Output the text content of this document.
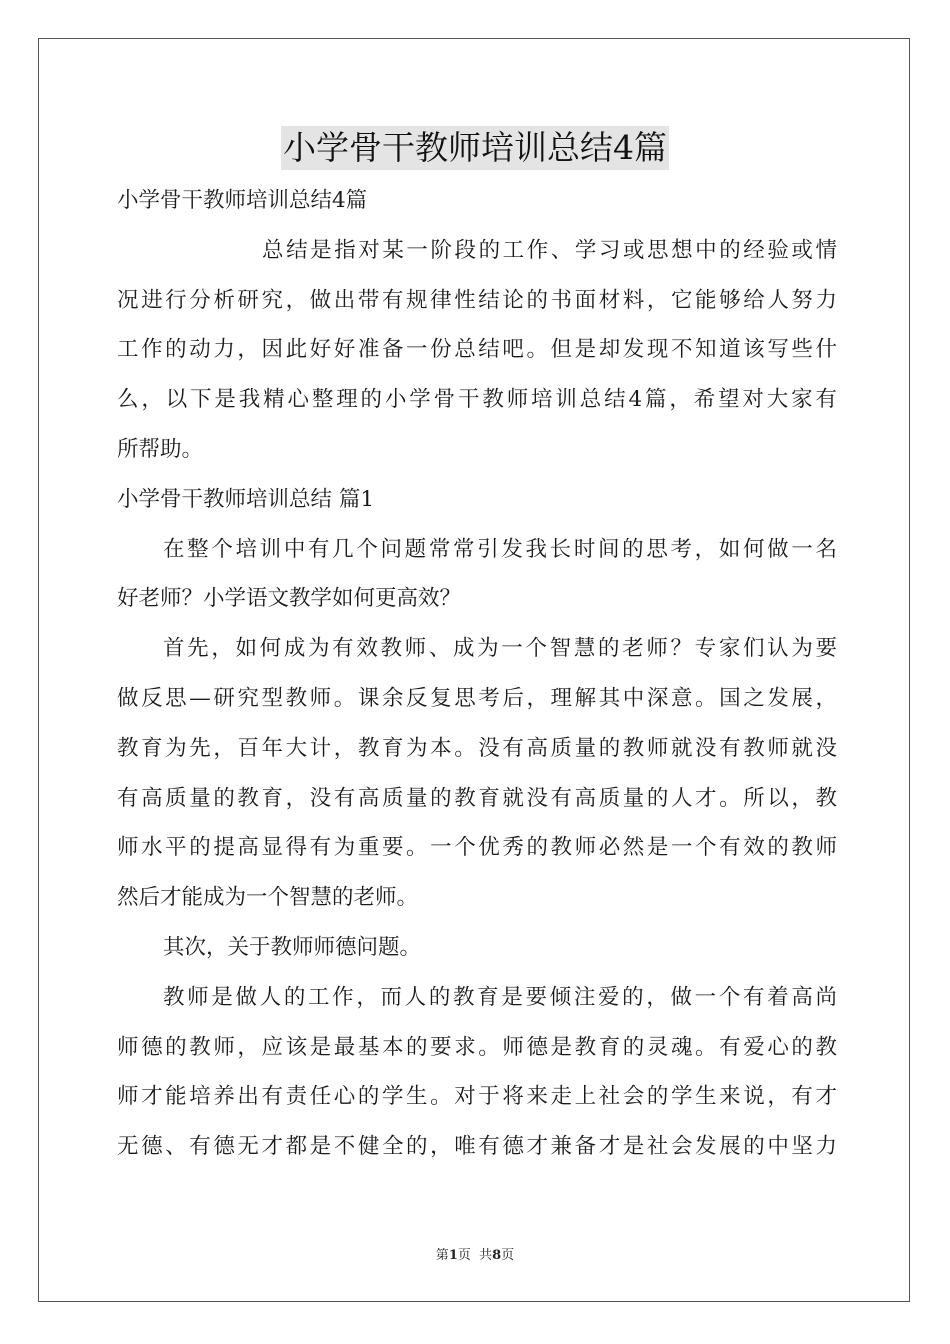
小学骨干教师培训总结4篇
小学骨干教师培训总结4篇
总结是指对某一阶段的工作、学习或思想中的经验或情
况进行分析研究，做出带有规律性结论的书面材料，它能够给人努力
工作的动力，因此好好准备一份总结吧。但是却发现不知道该写些什
么，以下是我精心整理的小学骨干教师培训总结4篇，希望对大家有
所帮助。
小学骨干教师培训总结 篇1
在整个培训中有几个问题常常引发我长时间的思考，如何做一名
好老师？小学语文教学如何更高效？
首先，如何成为有效教师、成为一个智慧的老师？专家们认为要
做反思—研究型教师。课余反复思考后，理解其中深意。国之发展，
教育为先，百年大计，教育为本。没有高质量的教师就没有教师就没
有高质量的教育，没有高质量的教育就没有高质量的人才。所以，教
师水平的提高显得有为重要。一个优秀的教师必然是一个有效的教师
然后才能成为一个智慧的老师。
其次，关于教师师德问题。
教师是做人的工作，而人的教育是要倾注爱的，做一个有着高尚
师德的教师，应该是最基本的要求。师德是教育的灵魂。有爱心的教
师才能培养出有责任心的学生。对于将来走上社会的学生来说，有才
无德、有德无才都是不健全的，唯有德才兼备才是社会发展的中坚力
第1页  共8页
